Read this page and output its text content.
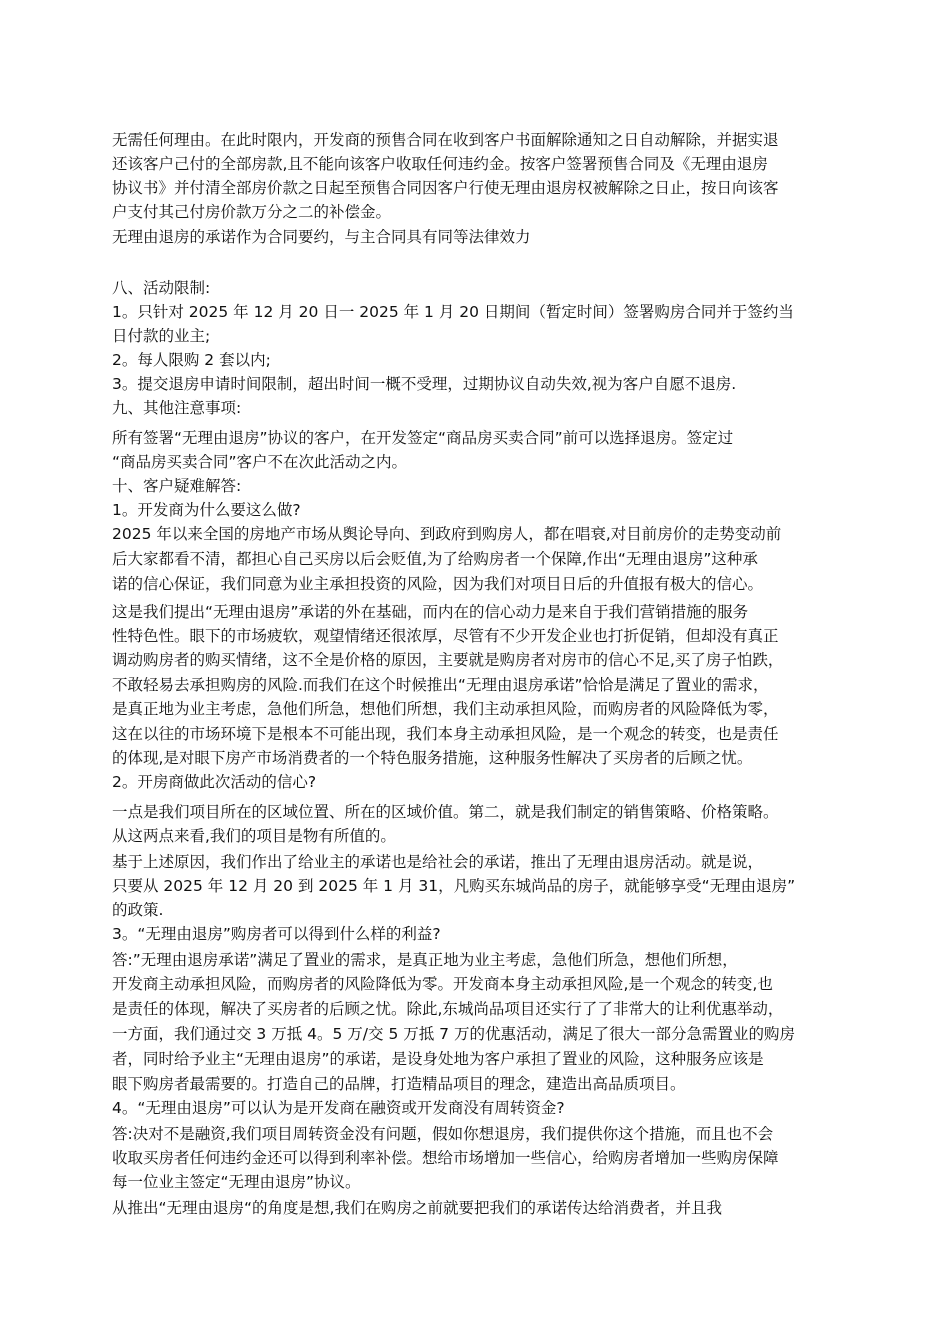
无需任何理由。在此时限内，开发商的预售合同在收到客户书面解除通知之日自动解除，并据实退
还该客户己付的全部房款,且不能向该客户收取任何违约金。按客户签署预售合同及《无理由退房
协议书》并付清全部房价款之日起至预售合同因客户行使无理由退房权被解除之日止，按日向该客
户支付其己付房价款万分之二的补偿金。
无理由退房的承诺作为合同要约，与主合同具有同等法律效力
八、活动限制:
1。只针对 2025 年 12 月 20 日一 2025 年 1 月 20 日期间（暂定时间）签署购房合同并于签约当
日付款的业主;
2。每人限购 2 套以内;
3。提交退房申请时间限制，超出时间一概不受理，过期协议自动失效,视为客户自愿不退房.
九、其他注意事项:
所有签署“无理由退房”协议的客户，在开发签定“商品房买卖合同”前可以选择退房。签定过
“商品房买卖合同”客户不在次此活动之内。
十、客户疑难解答:
1。开发商为什么要这么做?
2025 年以来全国的房地产市场从舆论导向、到政府到购房人，都在唱衰,对目前房价的走势变动前
后大家都看不清，都担心自己买房以后会贬值,为了给购房者一个保障,作出“无理由退房”这种承
诺的信心保证，我们同意为业主承担投资的风险，因为我们对项目日后的升值报有极大的信心。
这是我们提出“无理由退房”承诺的外在基础，而内在的信心动力是来自于我们营销措施的服务
性特色性。眼下的市场疲软，观望情绪还很浓厚，尽管有不少开发企业也打折促销，但却没有真正
调动购房者的购买情绪，这不全是价格的原因，主要就是购房者对房市的信心不足,买了房子怕跌，
不敢轻易去承担购房的风险.而我们在这个时候推出“无理由退房承诺”恰恰是满足了置业的需求，
是真正地为业主考虑，急他们所急，想他们所想，我们主动承担风险，而购房者的风险降低为零，
这在以往的市场环境下是根本不可能出现，我们本身主动承担风险，是一个观念的转变，也是责任
的体现,是对眼下房产市场消费者的一个特色服务措施，这种服务性解决了买房者的后顾之忧。
2。开房商做此次活动的信心?
一点是我们项目所在的区域位置、所在的区域价值。第二，就是我们制定的销售策略、价格策略。
从这两点来看,我们的项目是物有所值的。
基于上述原因，我们作出了给业主的承诺也是给社会的承诺，推出了无理由退房活动。就是说，
只要从 2025 年 12 月 20 到 2025 年 1 月 31，凡购买东城尚品的房子，就能够享受“无理由退房”
的政策.
3。“无理由退房”购房者可以得到什么样的利益?
答:”无理由退房承诺”满足了置业的需求，是真正地为业主考虑，急他们所急，想他们所想，
开发商主动承担风险，而购房者的风险降低为零。开发商本身主动承担风险,是一个观念的转变,也
是责任的体现，解决了买房者的后顾之忧。除此,东城尚品项目还实行了了非常大的让利优惠举动，
一方面，我们通过交 3 万抵 4。5 万/交 5 万抵 7 万的优惠活动，满足了很大一部分急需置业的购房
者，同时给予业主“无理由退房”的承诺，是设身处地为客户承担了置业的风险，这种服务应该是
眼下购房者最需要的。打造自己的品牌，打造精品项目的理念，建造出高品质项目。
4。“无理由退房”可以认为是开发商在融资或开发商没有周转资金?
答:决对不是融资,我们项目周转资金没有问题，假如你想退房，我们提供你这个措施，而且也不会
收取买房者任何违约金还可以得到利率补偿。想给市场增加一些信心，给购房者增加一些购房保障
每一位业主签定“无理由退房”协议。
从推出“无理由退房“的角度是想,我们在购房之前就要把我们的承诺传达给消费者，并且我
